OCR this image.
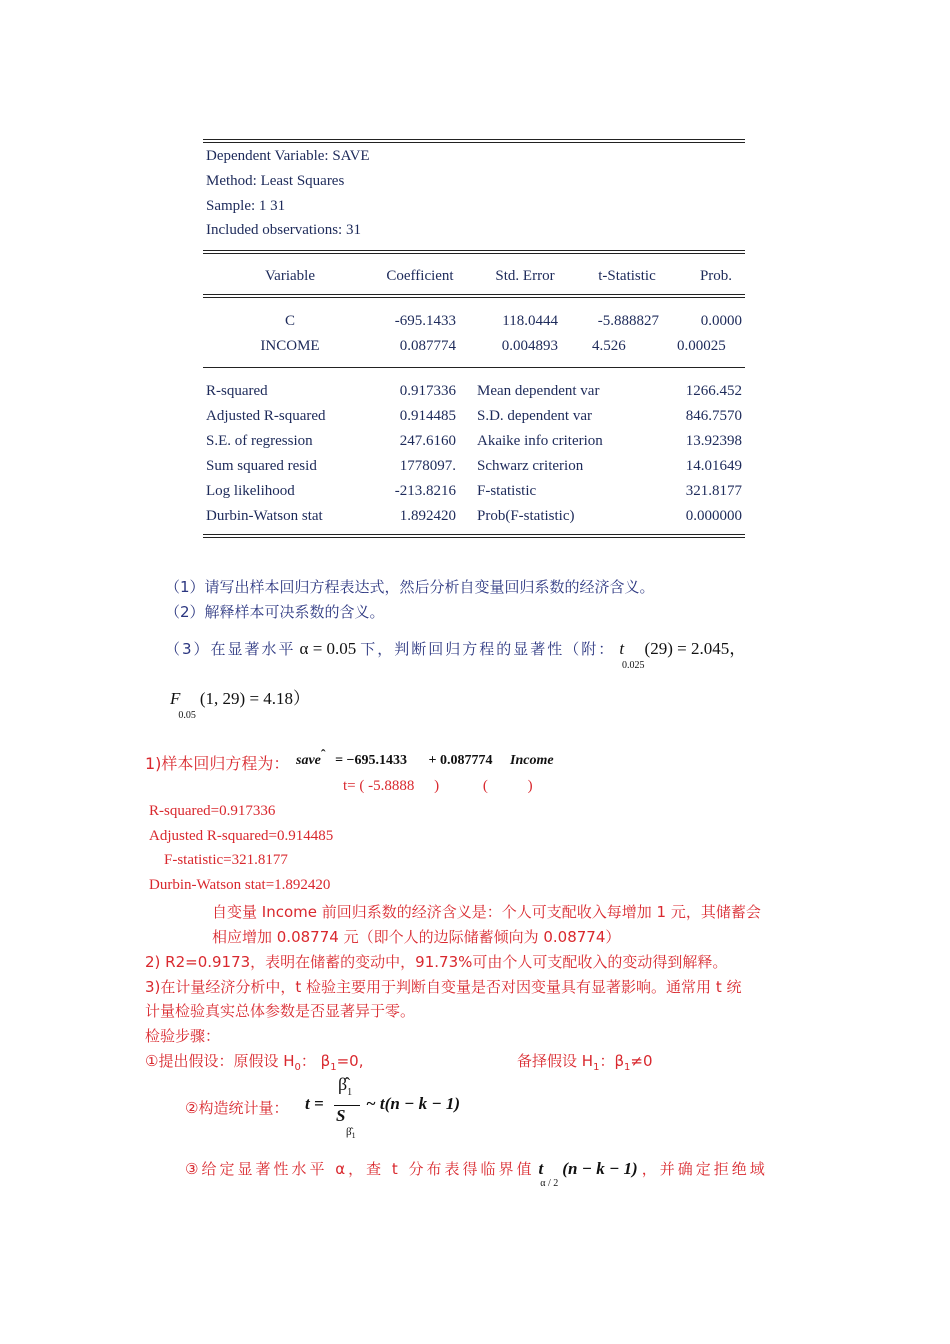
Dependent Variable: SAVE
Method: Least Squares
Sample: 1 31
Included observations: 31
Variable	Coefficient	Std. Error	t-Statistic	Prob.
C	-695.1433	118.0444	-5.888827	0.0000
INCOME	0.087774	0.004893 4.526	0.00025
R-squared	0.917336 Mean dependent var	1266.452
Adjusted R-squared	0.914485 S.D. dependent var	846.7570
S.E. of regression	247.6160 Akaike info criterion	13.92398
Sum squared resid	1778097. Schwarz criterion	14.01649
Log likelihood	-213.8216 F-statistic	321.8177
Durbin-Watson stat	1.892420 Prob(F-statistic)	0.000000
（1）请写出样本回归方程表达式，然后分析自变量回归系数的经济含义。
（2）解释样本可决系数的含义。
（3）在显著水平 α = 0.05 下，判断回归方程的显著性（附： $t_{0.025}(29) = 2.045$，
$F_{0.05}$ (1, 29) = 4.18）
1)样本回归方程为： saveˆ = −695.1433 + 0.087774 Income
t= ( -5.8888 )	(	)
R-squared=0.917336
Adjusted R-squared=0.914485
F-statistic=321.8177
Durbin-Watson stat=1.892420
自变量 Income 前回归系数的经济含义是：个人可支配收入每增加 1 元，其储蓄会
相应增加 0.08774 元（即个人的边际储蓄倾向为 0.08774）
2) R2=0.9173，表明在储蓄的变动中，91.73%可由个人可支配收入的变动得到解释。
3)在计量经济分析中，t 检验主要用于判断自变量是否对因变量具有显著影响。通常用 t 统
计量检验真实总体参数是否显著异于零。
检验步骤：
①提出假设：原假设 $H_0$： $\beta_1=0$,	备择假设 $H_1$：$\beta_1\ne 0$
②构造统计量： t =
$\betâ_1$
S
$\betâ_1$
~ t(n − k − 1)
③给定显著性水平 α，查 t 分布表得临界值 $t_{\alpha / 2}$ (n − k − 1) ，并确定拒绝域
